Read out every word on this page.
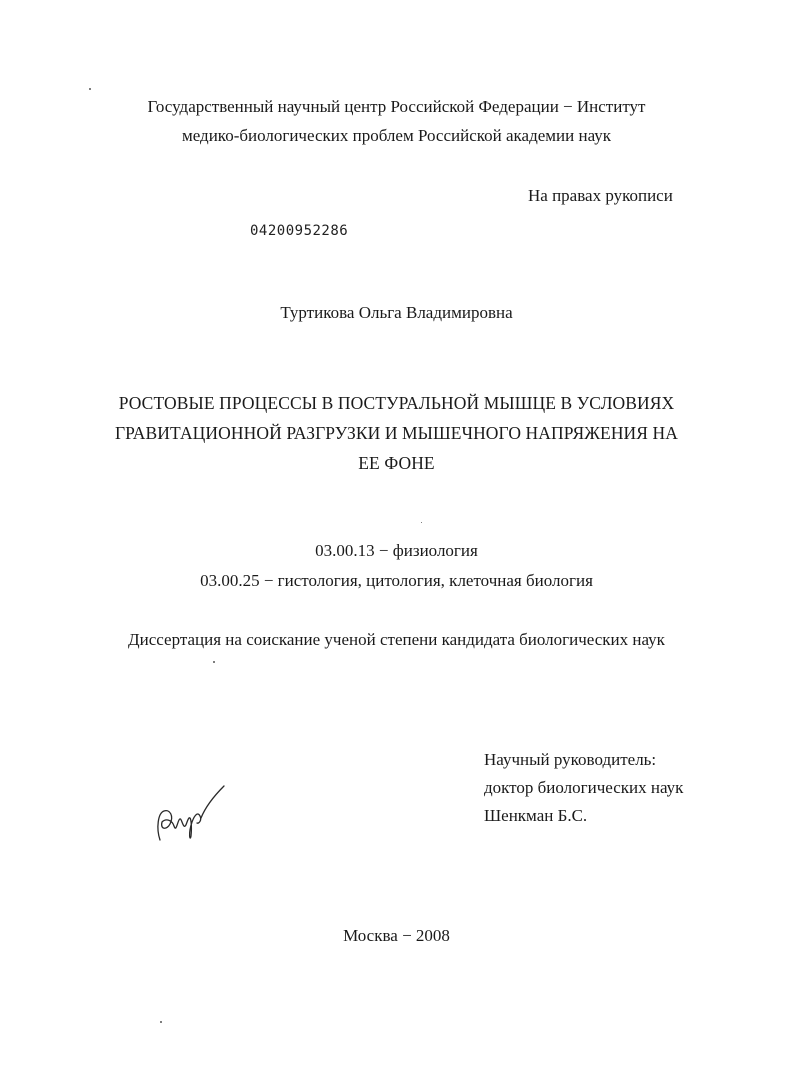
Государственный научный центр Российской Федерации − Институт
медико-биологических проблем Российской академии наук
На правах рукописи
04200952286
Туртикова Ольга Владимировна
РОСТОВЫЕ ПРОЦЕССЫ В ПОСТУРАЛЬНОЙ МЫШЦЕ В УСЛОВИЯХ
ГРАВИТАЦИОННОЙ РАЗГРУЗКИ И МЫШЕЧНОГО НАПРЯЖЕНИЯ НА
ЕЕ ФОНЕ
03.00.13 − физиология
03.00.25 − гистология, цитология, клеточная биология
Диссертация на соискание ученой степени кандидата биологических наук
Научный руководитель:
доктор биологических наук
Шенкман Б.С.
Москва − 2008
